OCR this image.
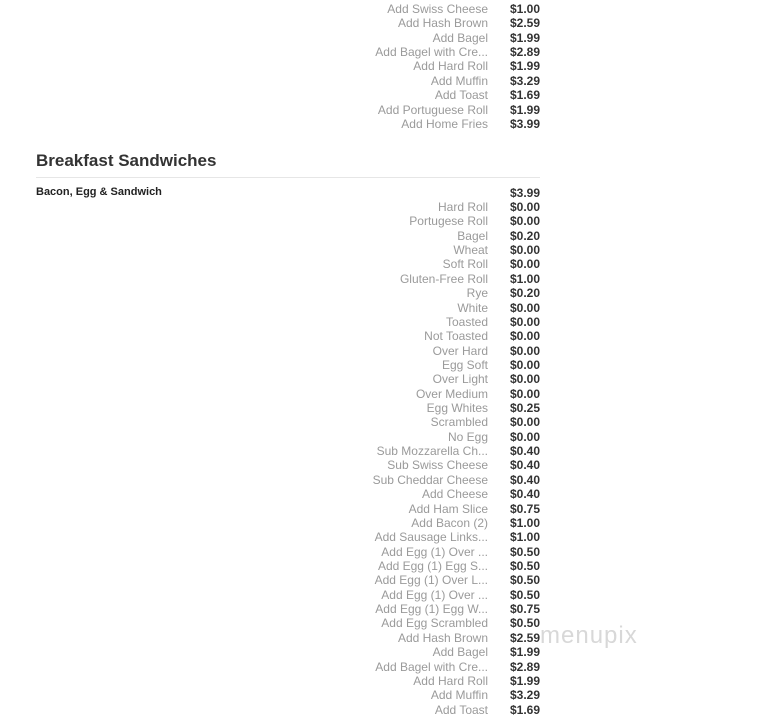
Add Swiss Cheese $1.00
Add Hash Brown $2.59
Add Bagel $1.99
Add Bagel with Cre... $2.89
Add Hard Roll $1.99
Add Muffin $3.29
Add Toast $1.69
Add Portuguese Roll $1.99
Add Home Fries $3.99
Breakfast Sandwiches
Bacon, Egg & Sandwich	$3.99
Hard Roll $0.00
Portugese Roll $0.00
Bagel $0.20
Wheat $0.00
Soft Roll $0.00
Gluten-Free Roll $1.00
Rye $0.20
White $0.00
Toasted $0.00
Not Toasted $0.00
Over Hard $0.00
Egg Soft $0.00
Over Light $0.00
Over Medium $0.00
Egg Whites $0.25
Scrambled $0.00
No Egg $0.00
Sub Mozzarella Ch... $0.40
Sub Swiss Cheese $0.40
Sub Cheddar Cheese $0.40
Add Cheese $0.40
Add Ham Slice $0.75
Add Bacon (2) $1.00
Add Sausage Links... $1.00
Add Egg (1) Over ... $0.50
Add Egg (1) Egg S... $0.50
Add Egg (1) Over L... $0.50
Add Egg (1) Over ... $0.50
Add Egg (1) Egg W... $0.75
Add Egg Scrambled $0.50
Add Hash Brown $2.59
Add Bagel $1.99
Add Bagel with Cre... $2.89
Add Hard Roll $1.99
Add Muffin $3.29
Add Toast $1.69
menupix
